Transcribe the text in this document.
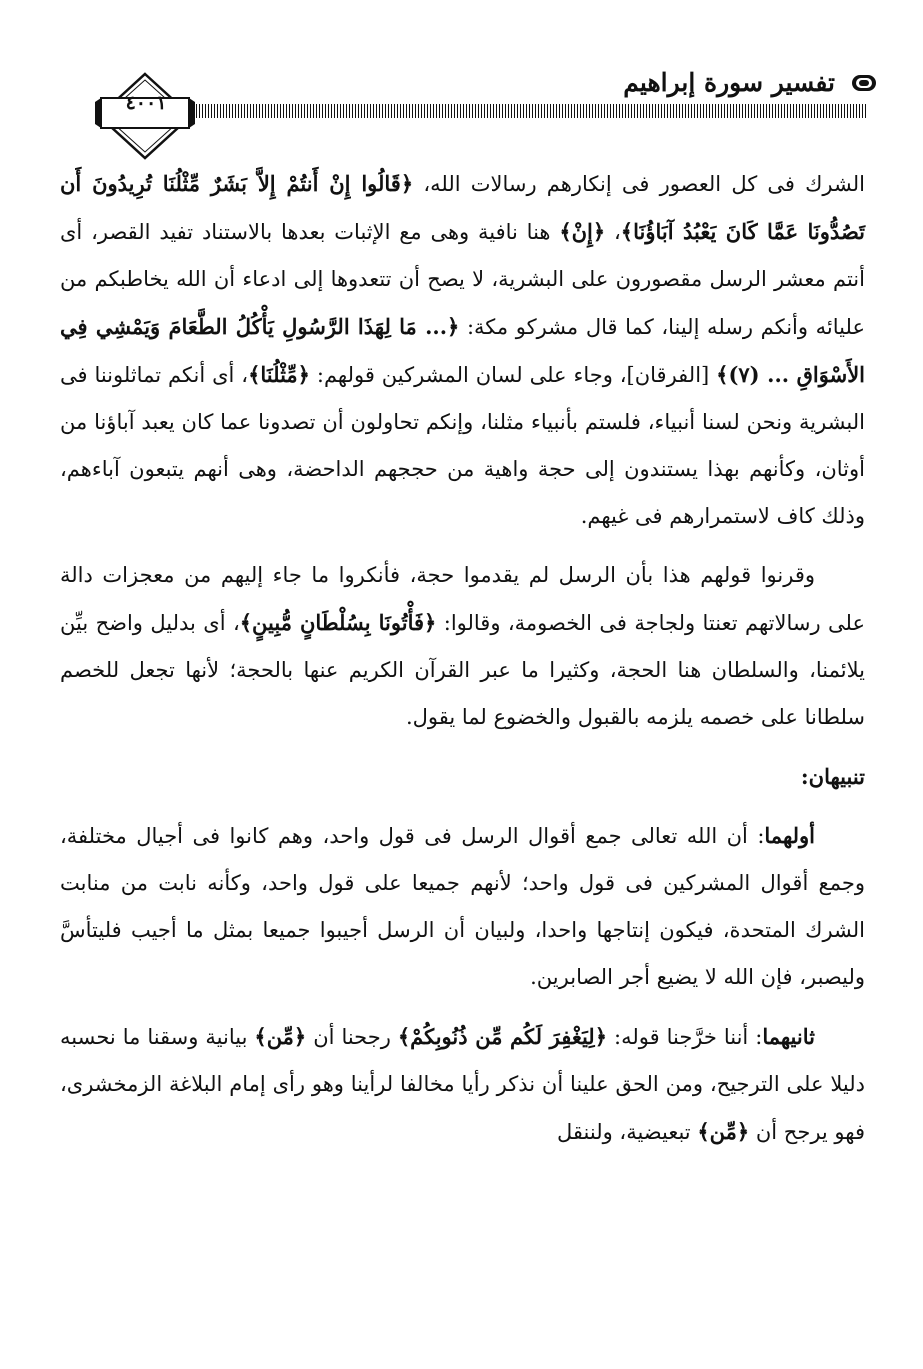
تفسير سورة إبراهيم
٤٠٠١

الشرك فى كل العصور فى إنكارهم رسالات الله، ﴿قَالُوا إِنْ أَنتُمْ إِلاَّ بَشَرٌ مِّثْلُنَا تُرِيدُونَ أَن تَصُدُّونَا عَمَّا كَانَ يَعْبُدُ آبَاؤُنَا﴾، ﴿إِنْ﴾ هنا نافية وهى مع الإثبات بعدها بالاستناد تفيد القصر، أى أنتم معشر الرسل مقصورون على البشرية، لا يصح أن تتعدوها إلى ادعاء أن الله يخاطبكم من عليائه وأنكم رسله إلينا، كما قال مشركو مكة: ﴿... مَا لِهَذَا الرَّسُولِ يَأْكُلُ الطَّعَامَ وَيَمْشِي فِي الأَسْوَاقِ ... (٧)﴾ [الفرقان]، وجاء على لسان المشركين قولهم: ﴿مِّثْلُنَا﴾، أى أنكم تماثلوننا فى البشرية ونحن لسنا أنبياء، فلستم بأنبياء مثلنا، وإنكم تحاولون أن تصدونا عما كان يعبد آباؤنا من أوثان، وكأنهم بهذا يستندون إلى حجة واهية من حججهم الداحضة، وهى أنهم يتبعون آباءهم، وذلك كاف لاستمرارهم فى غيهم.

وقرنوا قولهم هذا بأن الرسل لم يقدموا حجة، فأنكروا ما جاء إليهم من معجزات دالة على رسالاتهم تعنتا ولجاجة فى الخصومة، وقالوا: ﴿فَأْتُونَا بِسُلْطَانٍ مُّبِينٍ﴾، أى بدليل واضح بيِّن يلائمنا، والسلطان هنا الحجة، وكثيرا ما عبر القرآن الكريم عنها بالحجة؛ لأنها تجعل للخصم سلطانا على خصمه يلزمه بالقبول والخضوع لما يقول.

تنبيهان:

أولهما: أن الله تعالى جمع أقوال الرسل فى قول واحد، وهم كانوا فى أجيال مختلفة، وجمع أقوال المشركين فى قول واحد؛ لأنهم جميعا على قول واحد، وكأنه نابت من منابت الشرك المتحدة، فيكون إنتاجها واحدا، ولبيان أن الرسل أجيبوا جميعا بمثل ما أجيب فليتأسَّ وليصبر، فإن الله لا يضيع أجر الصابرين.

ثانيهما: أننا خرَّجنا قوله: ﴿لِيَغْفِرَ لَكُم مِّن ذُنُوبِكُمْ﴾ رجحنا أن ﴿مِّن﴾ بيانية وسقنا ما نحسبه دليلا على الترجيح، ومن الحق علينا أن نذكر رأيا مخالفا لرأينا وهو رأى إمام البلاغة الزمخشرى، فهو يرجح أن ﴿مِّن﴾ تبعيضية، ولننقل
